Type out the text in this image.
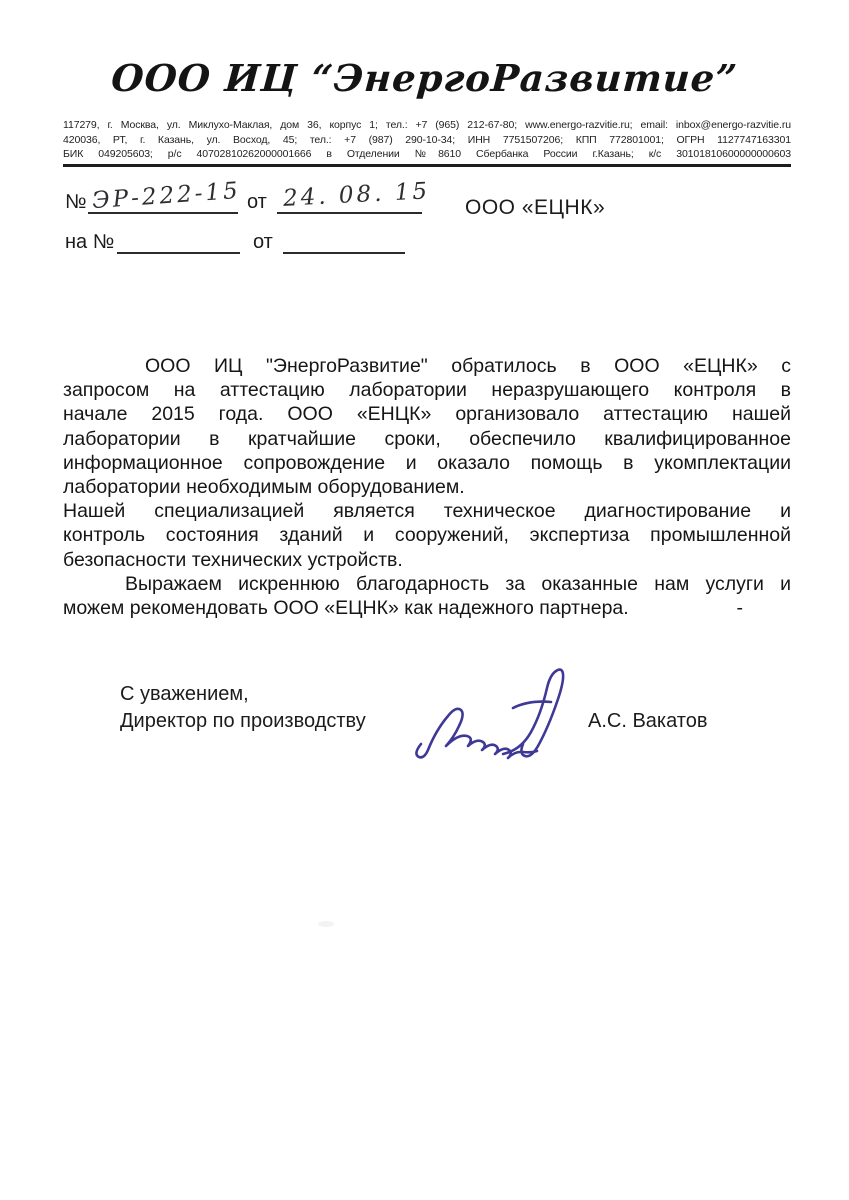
ООО ИЦ “ЭнергоРазвитие”
117279, г. Москва, ул. Миклухо-Маклая, дом 36, корпус 1; тел.: +7 (965) 212-67-80; www.energo-razvitie.ru; email: inbox@energo-razvitie.ru
420036, РТ, г. Казань, ул. Восход, 45; тел.: +7 (987) 290-10-34; ИНН 7751507206; КПП 772801001; ОГРН 1127747163301
БИК 049205603; р/с 40702810262000001666 в Отделении №8610 Сбербанка России г.Казань; к/с 30101810600000000603
№ ЭР-222-15 от 24. 08. 15 ООО «ЕЦНК»
на №	от
ООО ИЦ "ЭнергоРазвитие" обратилось в ООО «ЕЦНК» с
запросом на аттестацию лаборатории неразрушающего контроля в
начале 2015 года. ООО «ЕНЦК» организовало аттестацию нашей
лаборатории в кратчайшие сроки, обеспечило квалифицированное
информационное сопровождение и оказало помощь в укомплектации
лаборатории необходимым оборудованием.
Нашей специализацией является техническое диагностирование и
контроль состояния зданий и сооружений, экспертиза промышленной
безопасности технических устройств.
Выражаем искреннюю благодарность за оказанные нам услуги и
можем рекомендовать ООО «ЕЦНК» как надежного партнера.	-
С уважением,
Директор по производству	А.С. Вакатов
